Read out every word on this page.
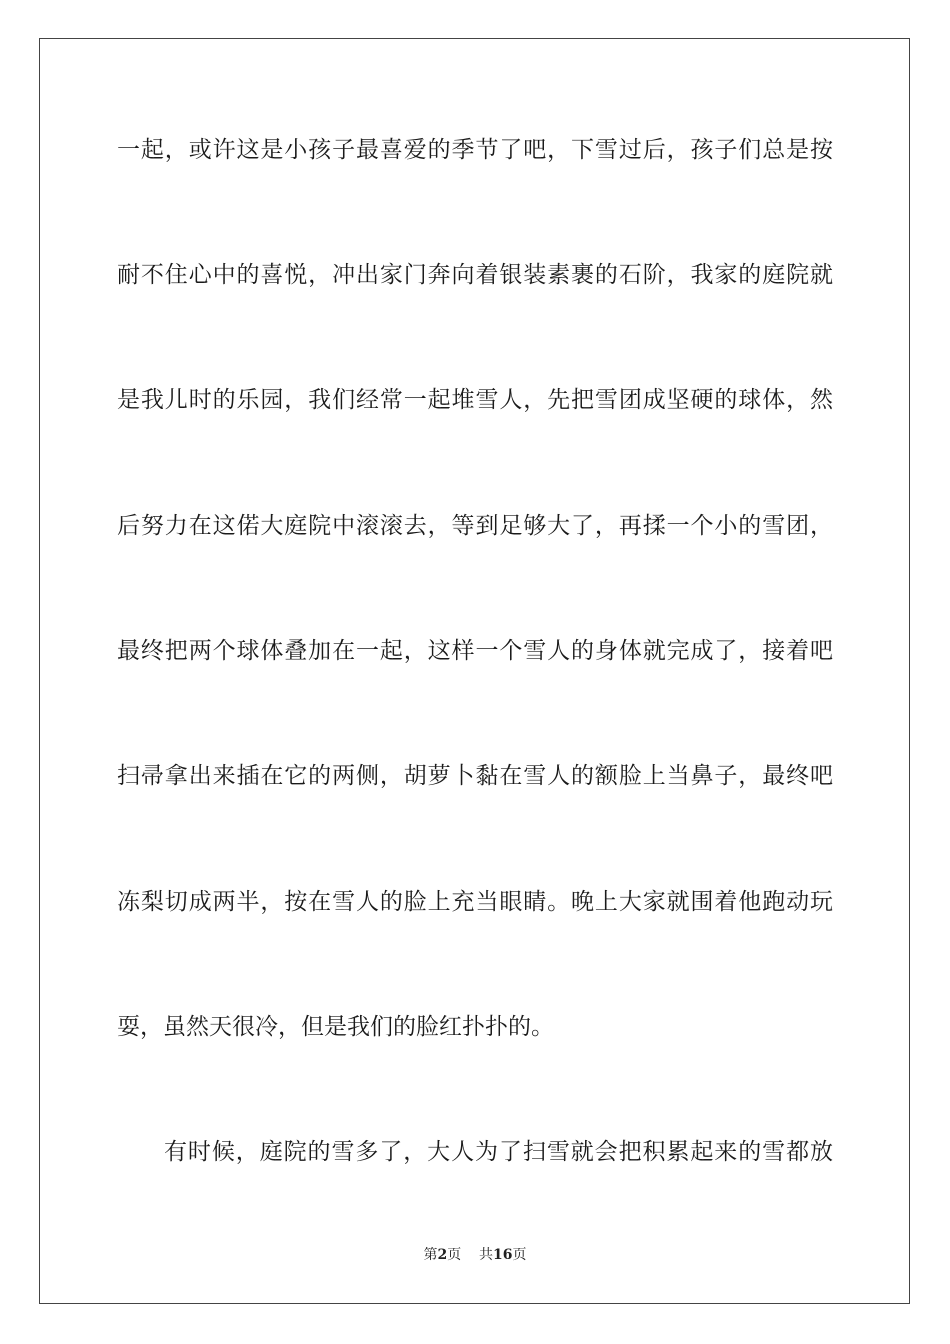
一起，或许这是小孩子最喜爱的季节了吧，下雪过后，孩子们总是按
耐不住心中的喜悦，冲出家门奔向着银装素裹的石阶，我家的庭院就
是我儿时的乐园，我们经常一起堆雪人，先把雪团成坚硬的球体，然
后努力在这偌大庭院中滚滚去，等到足够大了，再揉一个小的雪团，
最终把两个球体叠加在一起，这样一个雪人的身体就完成了，接着吧
扫帚拿出来插在它的两侧，胡萝卜黏在雪人的额脸上当鼻子，最终吧
冻梨切成两半，按在雪人的脸上充当眼睛。晚上大家就围着他跑动玩
耍，虽然天很冷，但是我们的脸红扑扑的。
有时候，庭院的雪多了，大人为了扫雪就会把积累起来的雪都放
第2页 共16页
